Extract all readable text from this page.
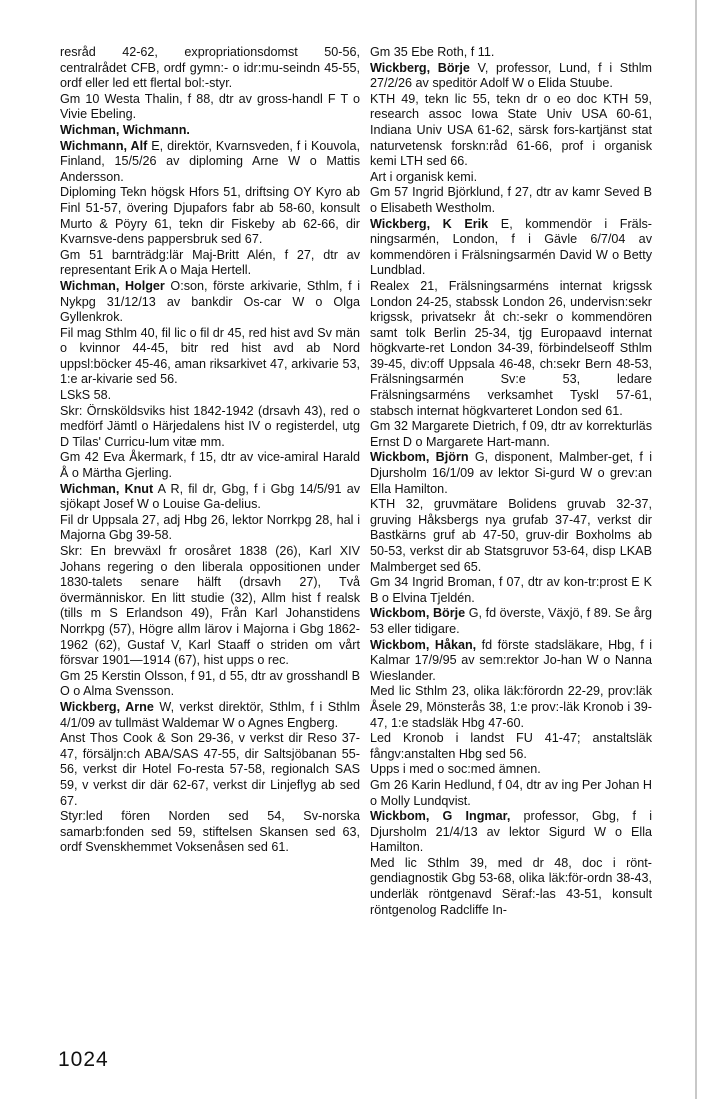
resråd 42-62, expropriationsdomst 50-56, centralrådet CFB, ordf gymn:- o idr:mu-seindn 45-55, ordf eller led ett flertal bol:-styr.

Gm 10 Westa Thalin, f 88, dtr av gross-handl F T o Vivie Ebeling.

Wichman, Wichmann.

Wichmann, Alf E, direktör, Kvarnsveden, f i Kouvola, Finland, 15/5/26 av diploming Arne W o Mattis Andersson.

Diploming Tekn högsk Hfors 51, driftsing OY Kyro ab Finl 51-57, övering Djupafors fabr ab 58-60, konsult Murto & Pöyry 61, tekn dir Fiskeby ab 62-66, dir Kvarnsve-dens pappersbruk sed 67.

Gm 51 barnträdg:lär Maj-Britt Alén, f 27, dtr av representant Erik A o Maja Hertell.

Wichman, Holger O:son, förste arkivarie, Sthlm, f i Nykpg 31/12/13 av bankdir Os-car W o Olga Gyllenkrok.

Fil mag Sthlm 40, fil lic o fil dr 45, red hist avd Sv män o kvinnor 44-45, bitr red hist avd ab Nord uppsl:böcker 45-46, aman riksarkivet 47, arkivarie 53, 1:e ar-kivarie sed 56.

LSkS 58.

Skr: Örnsköldsviks hist 1842-1942 (drsavh 43), red o medförf Jämtl o Härjedalens hist IV o registerdel, utg D Tilas' Curricu-lum vitæ mm.

Gm 42 Eva Åkermark, f 15, dtr av vice-amiral Harald Å o Märtha Gjerling.

Wichman, Knut A R, fil dr, Gbg, f i Gbg 14/5/91 av sjökapt Josef W o Louise Ga-delius.

Fil dr Uppsala 27, adj Hbg 26, lektor Norrkpg 28, hal i Majorna Gbg 39-58.

Skr: En brevväxl fr orosåret 1838 (26), Karl XIV Johans regering o den liberala oppositionen under 1830-talets senare hälft (drsavh 27), Två övermänniskor. En litt studie (32), Allm hist f realsk (tills m S Erlandson 49), Från Karl Johanstidens Norrkpg (57), Högre allm lärov i Majorna i Gbg 1862-1962 (62), Gustaf V, Karl Staaff o striden om vårt försvar 1901—1914 (67), hist upps o rec.

Gm 25 Kerstin Olsson, f 91, d 55, dtr av grosshandl B O o Alma Svensson.

Wickberg, Arne W, verkst direktör, Sthlm, f i Sthlm 4/1/09 av tullmäst Waldemar W o Agnes Engberg.

Anst Thos Cook & Son 29-36, v verkst dir Reso 37-47, försäljn:ch ABA/SAS 47-55, dir Saltsjöbanan 55-56, verkst dir Hotel Fo-resta 57-58, regionalch SAS 59, v verkst dir där 62-67, verkst dir Linjeflyg ab sed 67.

Styr:led fören Norden sed 54, Sv-norska samarb:fonden sed 59, stiftelsen Skansen sed 63, ordf Svenskhemmet Voksenåsen sed 61.

Gm 35 Ebe Roth, f 11.

Wickberg, Börje V, professor, Lund, f i Sthlm 27/2/26 av speditör Adolf W o Elida Stuube.

KTH 49, tekn lic 55, tekn dr o eo doc KTH 59, research assoc Iowa State Univ USA 60-61, Indiana Univ USA 61-62, särsk fors-kartjänst stat naturvetensk forskn:råd 61-66, prof i organisk kemi LTH sed 66.

Art i organisk kemi.

Gm 57 Ingrid Björklund, f 27, dtr av kamr Seved B o Elisabeth Westholm.

Wickberg, K Erik E, kommendör i Fräls-ningsarmén, London, f i Gävle 6/7/04 av kommendören i Frälsningsarmén David W o Betty Lundblad.

Realex 21, Frälsningsarméns internat krigssk London 24-25, stabssk London 26, undervisn:sekr krigssk, privatsekr åt ch:-sekr o kommendören samt tolk Berlin 25-34, tjg Europaavd internat högkvarte-ret London 34-39, förbindelseoff Sthlm 39-45, div:off Uppsala 46-48, ch:sekr Bern 48-53, Frälsningsarmén Sv:e 53, ledare Frälsningsarméns verksamhet Tyskl 57-61, stabsch internat högkvarteret London sed 61.

Gm 32 Margarete Dietrich, f 09, dtr av korrekturläs Ernst D o Margarete Hart-mann.

Wickbom, Björn G, disponent, Malmber-get, f i Djursholm 16/1/09 av lektor Si-gurd W o grev:an Ella Hamilton.

KTH 32, gruvmätare Bolidens gruvab 32-37, gruving Håksbergs nya grufab 37-47, verkst dir Bastkärns gruf ab 47-50, gruv-dir Boxholms ab 50-53, verkst dir ab Statsgruvor 53-64, disp LKAB Malmberget sed 65.

Gm 34 Ingrid Broman, f 07, dtr av kon-tr:prost E K B o Elvina Tjeldén.

Wickbom, Börje G, fd överste, Växjö, f 89. Se årg 53 eller tidigare.

Wickbom, Håkan, fd förste stadsläkare, Hbg, f i Kalmar 17/9/95 av sem:rektor Jo-han W o Nanna Wieslander.

Med lic Sthlm 23, olika läk:förordn 22-29, prov:läk Åsele 29, Mönsterås 38, 1:e prov:-läk Kronob i 39-47, 1:e stadsläk Hbg 47-60.

Led Kronob i landst FU 41-47; anstaltsläk fångv:anstalten Hbg sed 56.

Upps i med o soc:med ämnen.

Gm 26 Karin Hedlund, f 04, dtr av ing Per Johan H o Molly Lundqvist.

Wickbom, G Ingmar, professor, Gbg, f i Djursholm 21/4/13 av lektor Sigurd W o Ella Hamilton.

Med lic Sthlm 39, med dr 48, doc i rönt-gendiagnostik Gbg 53-68, olika läk:för-ordn 38-43, underläk röntgenavd Sëraf:-las 43-51, konsult röntgenolog Radcliffe In-

1024
